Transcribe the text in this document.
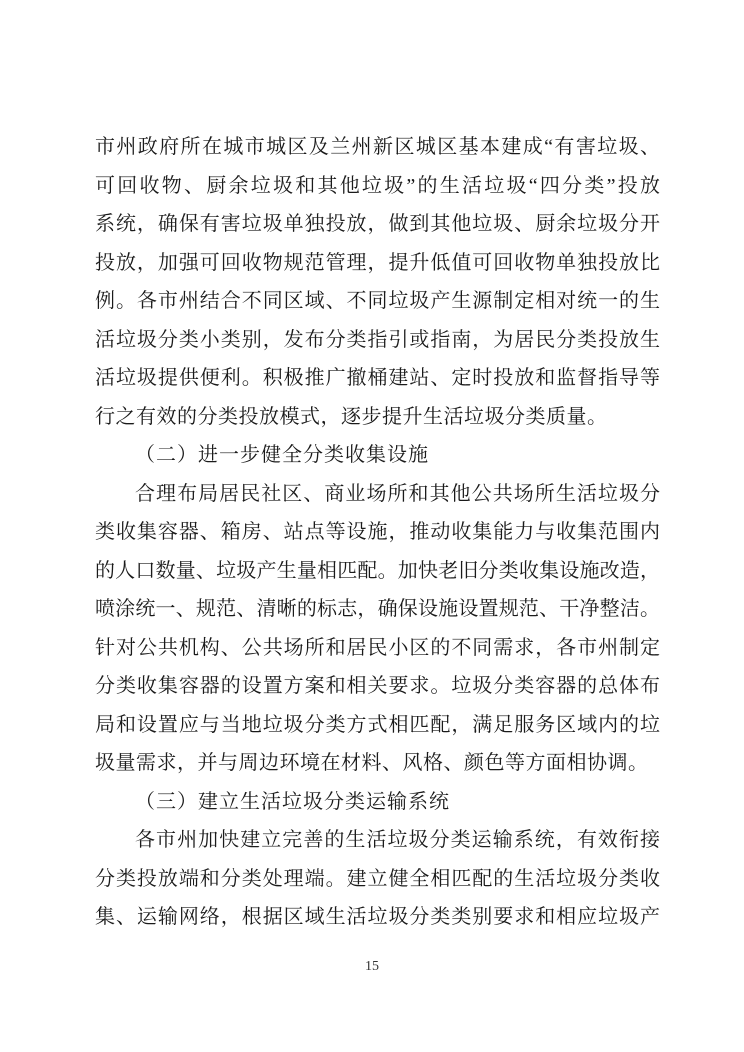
市州政府所在城市城区及兰州新区城区基本建成“有害垃圾、
可回收物、厨余垃圾和其他垃圾”的生活垃圾“四分类”投放
系统，确保有害垃圾单独投放，做到其他垃圾、厨余垃圾分开
投放，加强可回收物规范管理，提升低值可回收物单独投放比
例。各市州结合不同区域、不同垃圾产生源制定相对统一的生
活垃圾分类小类别，发布分类指引或指南，为居民分类投放生
活垃圾提供便利。积极推广撤桶建站、定时投放和监督指导等
行之有效的分类投放模式，逐步提升生活垃圾分类质量。
（二）进一步健全分类收集设施
合理布局居民社区、商业场所和其他公共场所生活垃圾分
类收集容器、箱房、站点等设施，推动收集能力与收集范围内
的人口数量、垃圾产生量相匹配。加快老旧分类收集设施改造，
喷涂统一、规范、清晰的标志，确保设施设置规范、干净整洁。
针对公共机构、公共场所和居民小区的不同需求，各市州制定
分类收集容器的设置方案和相关要求。垃圾分类容器的总体布
局和设置应与当地垃圾分类方式相匹配，满足服务区域内的垃
圾量需求，并与周边环境在材料、风格、颜色等方面相协调。
（三）建立生活垃圾分类运输系统
各市州加快建立完善的生活垃圾分类运输系统，有效衔接
分类投放端和分类处理端。建立健全相匹配的生活垃圾分类收
集、运输网络，根据区域生活垃圾分类类别要求和相应垃圾产
15
